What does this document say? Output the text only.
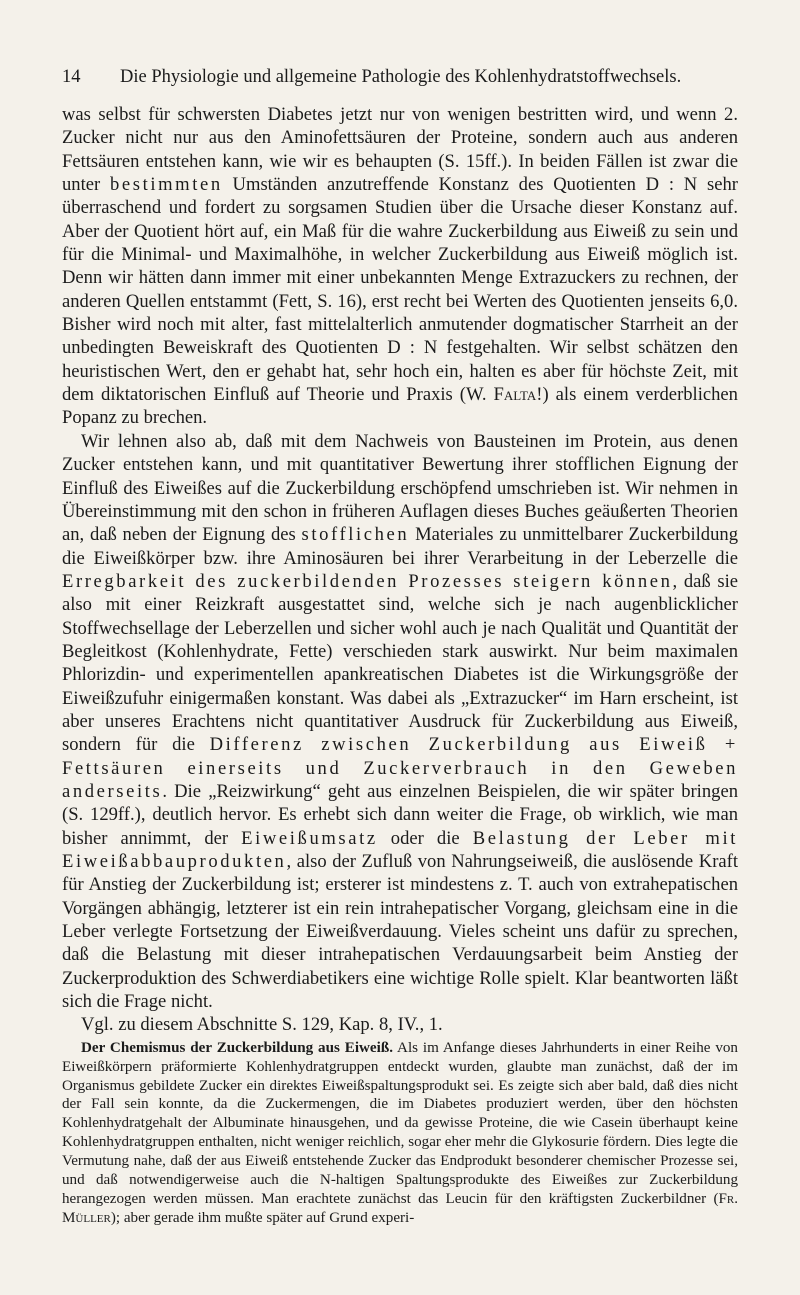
14 Die Physiologie und allgemeine Pathologie des Kohlenhydratstoffwechsels.

was selbst für schwersten Diabetes jetzt nur von wenigen bestritten wird, und wenn 2. Zucker nicht nur aus den Aminofettsäuren der Proteine, sondern auch aus anderen Fettsäuren entstehen kann, wie wir es behaupten (S. 15ff.). In beiden Fällen ist zwar die unter bestimmten Umständen anzutreffende Konstanz des Quotienten D : N sehr überraschend und fordert zu sorgsamen Studien über die Ursache dieser Konstanz auf. Aber der Quotient hört auf, ein Maß für die wahre Zuckerbildung aus Eiweiß zu sein und für die Minimal- und Maximalhöhe, in welcher Zuckerbildung aus Eiweiß möglich ist. Denn wir hätten dann immer mit einer unbekannten Menge Extrazuckers zu rechnen, der anderen Quellen entstammt (Fett, S. 16), erst recht bei Werten des Quotienten jenseits 6,0. Bisher wird noch mit alter, fast mittelalterlich anmutender dogmatischer Starrheit an der unbedingten Beweiskraft des Quotienten D : N festgehalten. Wir selbst schätzen den heuristischen Wert, den er gehabt hat, sehr hoch ein, halten es aber für höchste Zeit, mit dem diktatorischen Einfluß auf Theorie und Praxis (W. Falta!) als einem verderblichen Popanz zu brechen.

Wir lehnen also ab, daß mit dem Nachweis von Bausteinen im Protein, aus denen Zucker entstehen kann, und mit quantitativer Bewertung ihrer stofflichen Eignung der Einfluß des Eiweißes auf die Zuckerbildung erschöpfend umschrieben ist. Wir nehmen in Übereinstimmung mit den schon in früheren Auflagen dieses Buches geäußerten Theorien an, daß neben der Eignung des stofflichen Materiales zu unmittelbarer Zuckerbildung die Eiweißkörper bzw. ihre Aminosäuren bei ihrer Verarbeitung in der Leberzelle die Erregbarkeit des zuckerbildenden Prozesses steigern können, daß sie also mit einer Reizkraft ausgestattet sind, welche sich je nach augenblicklicher Stoffwechsellage der Leberzellen und sicher wohl auch je nach Qualität und Quantität der Begleitkost (Kohlenhydrate, Fette) verschieden stark auswirkt. Nur beim maximalen Phlorizdin- und experimentellen apankreatischen Diabetes ist die Wirkungsgröße der Eiweißzufuhr einigermaßen konstant. Was dabei als „Extrazucker“ im Harn erscheint, ist aber unseres Erachtens nicht quantitativer Ausdruck für Zuckerbildung aus Eiweiß, sondern für die Differenz zwischen Zuckerbildung aus Eiweiß + Fettsäuren einerseits und Zuckerverbrauch in den Geweben anderseits. Die „Reizwirkung“ geht aus einzelnen Beispielen, die wir später bringen (S. 129ff.), deutlich hervor. Es erhebt sich dann weiter die Frage, ob wirklich, wie man bisher annimmt, der Eiweißumsatz oder die Belastung der Leber mit Eiweißabbauprodukten, also der Zufluß von Nahrungseiweiß, die auslösende Kraft für Anstieg der Zuckerbildung ist; ersterer ist mindestens z. T. auch von extrahepatischen Vorgängen abhängig, letzterer ist ein rein intrahepatischer Vorgang, gleichsam eine in die Leber verlegte Fortsetzung der Eiweißverdauung. Vieles scheint uns dafür zu sprechen, daß die Belastung mit dieser intrahepatischen Verdauungsarbeit beim Anstieg der Zuckerproduktion des Schwerdiabetikers eine wichtige Rolle spielt. Klar beantworten läßt sich die Frage nicht.

Vgl. zu diesem Abschnitte S. 129, Kap. 8, IV., 1.

Der Chemismus der Zuckerbildung aus Eiweiß. Als im Anfange dieses Jahrhunderts in einer Reihe von Eiweißkörpern präformierte Kohlenhydratgruppen entdeckt wurden, glaubte man zunächst, daß der im Organismus gebildete Zucker ein direktes Eiweißspaltungsprodukt sei. Es zeigte sich aber bald, daß dies nicht der Fall sein konnte, da die Zuckermengen, die im Diabetes produziert werden, über den höchsten Kohlenhydratgehalt der Albuminate hinausgehen, und da gewisse Proteine, die wie Casein überhaupt keine Kohlenhydratgruppen enthalten, nicht weniger reichlich, sogar eher mehr die Glykosurie fördern. Dies legte die Vermutung nahe, daß der aus Eiweiß entstehende Zucker das Endprodukt besonderer chemischer Prozesse sei, und daß notwendigerweise auch die N-haltigen Spaltungsprodukte des Eiweißes zur Zuckerbildung herangezogen werden müssen. Man erachtete zunächst das Leucin für den kräftigsten Zuckerbildner (Fr. Müller); aber gerade ihm mußte später auf Grund experi-
